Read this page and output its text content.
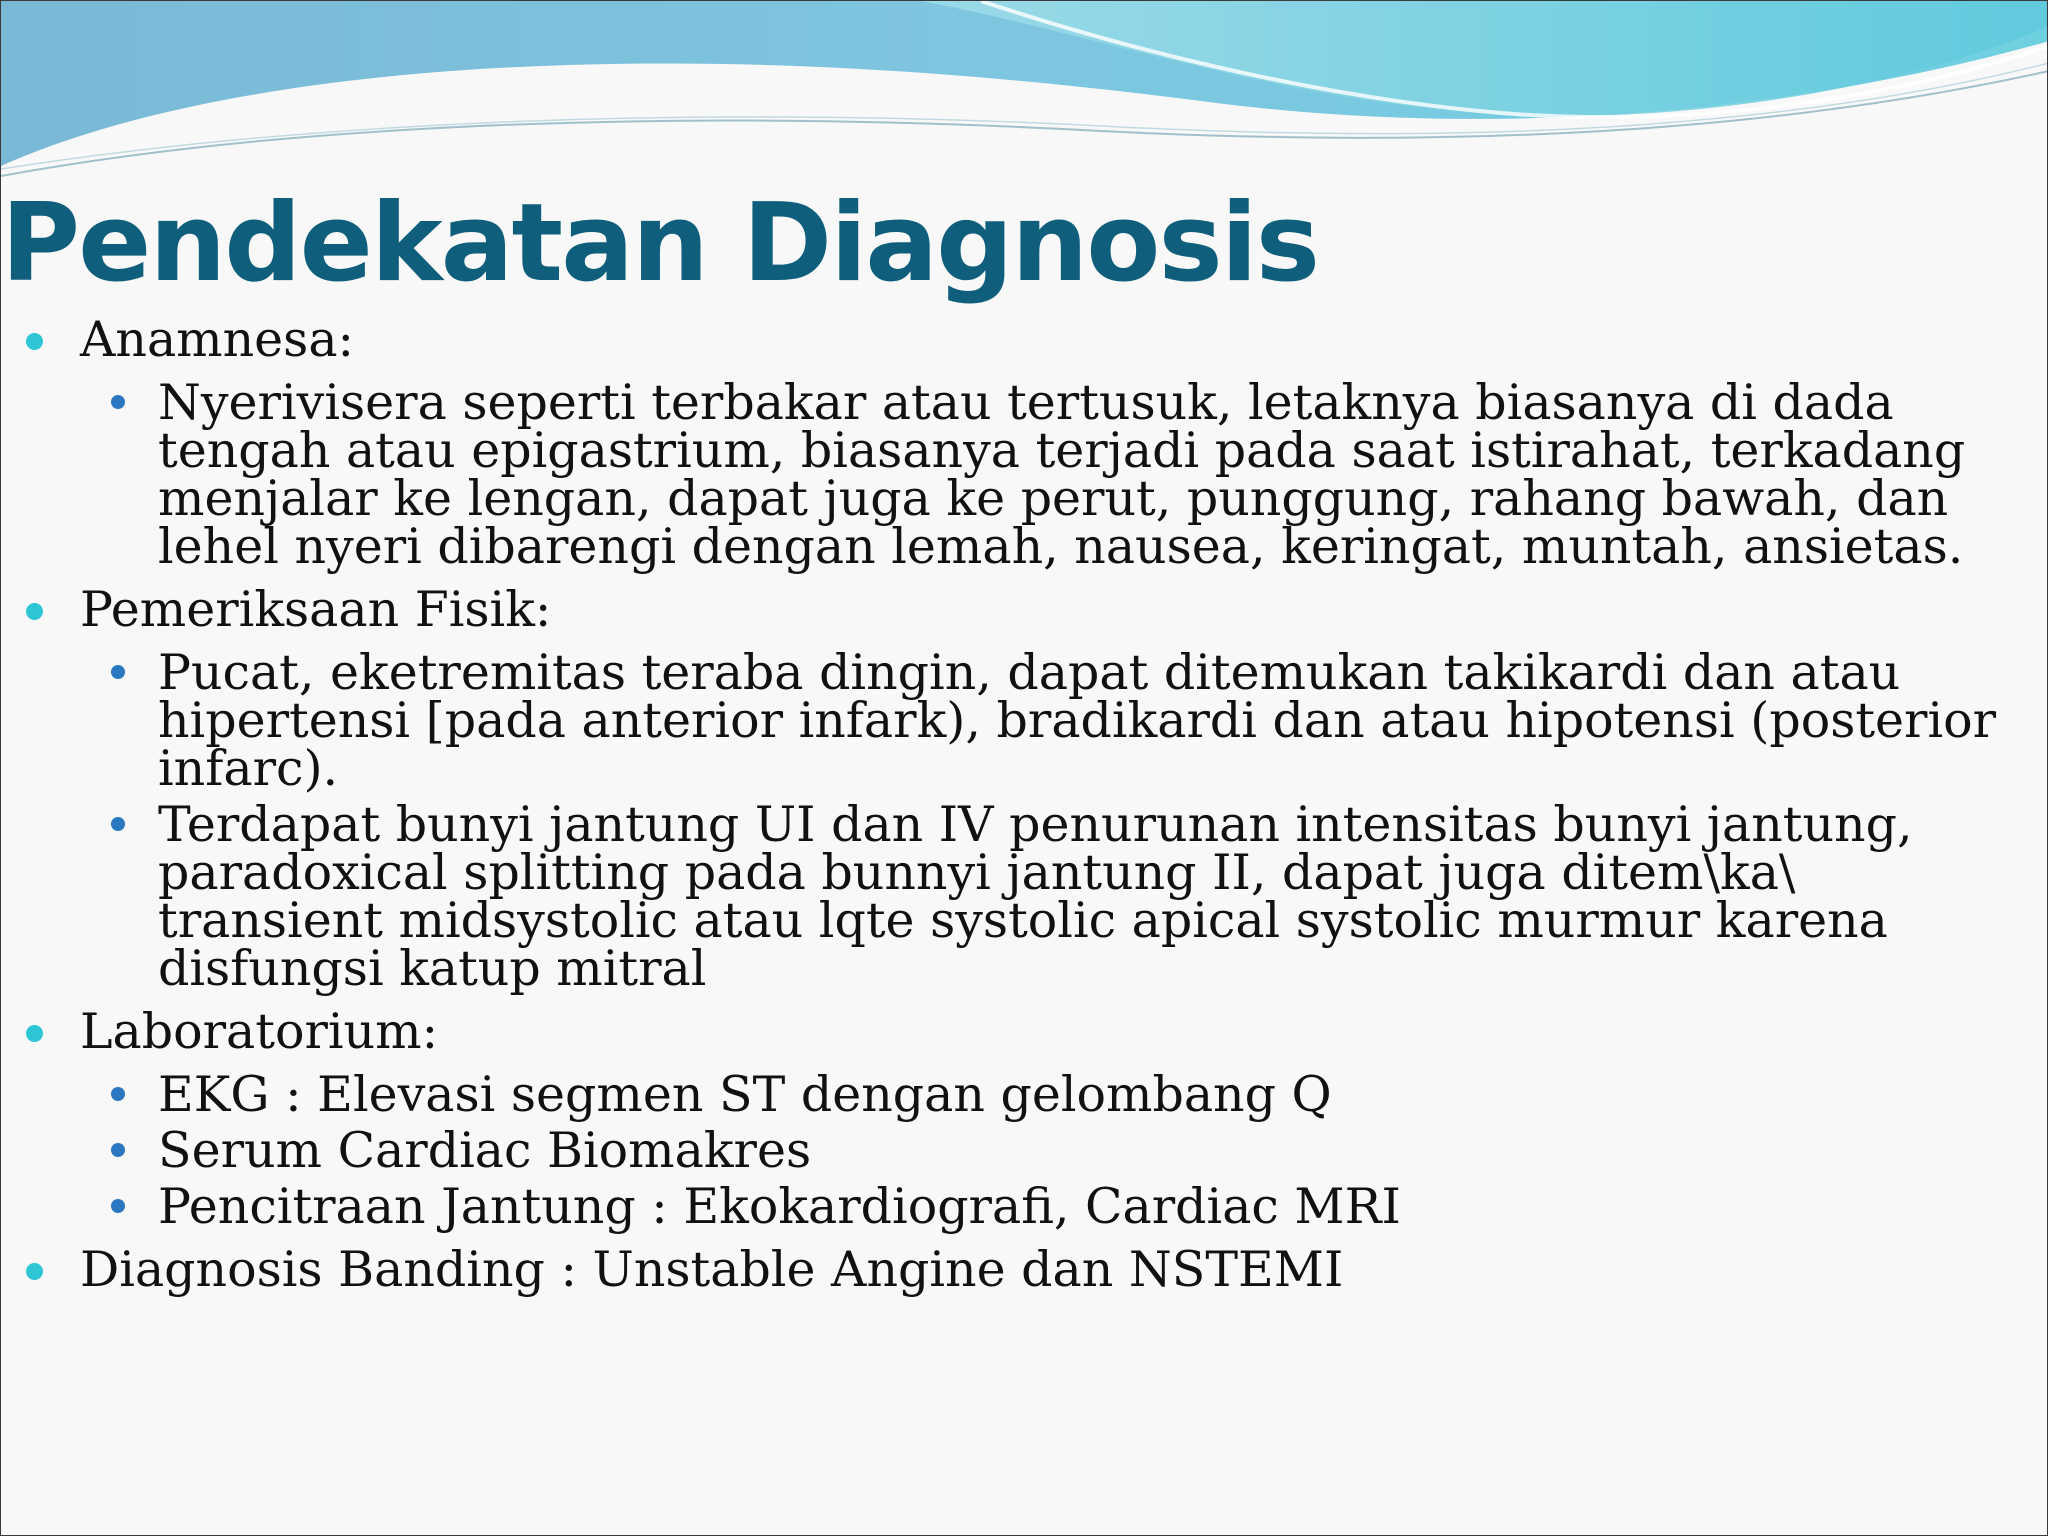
Pendekatan Diagnosis
Anamnesa:
Nyerivisera seperti terbakar atau tertusuk, letaknya biasanya di dada tengah atau epigastrium, biasanya terjadi pada saat istirahat, terkadang menjalar ke lengan, dapat juga ke perut, punggung, rahang bawah, dan lehel nyeri dibarengi dengan lemah, nausea, keringat, muntah, ansietas.
Pemeriksaan Fisik:
Pucat, eketremitas teraba dingin, dapat ditemukan takikardi dan atau hipertensi [pada anterior infark), bradikardi dan atau hipotensi (posterior infarc).
Terdapat bunyi jantung UI dan IV penurunan intensitas bunyi jantung, paradoxical splitting pada bunnyi jantung II, dapat juga ditem\ka\ transient midsystolic atau lqte systolic apical systolic murmur karena disfungsi katup mitral
Laboratorium:
EKG : Elevasi segmen ST dengan gelombang Q
Serum Cardiac Biomakres
Pencitraan Jantung : Ekokardiografi, Cardiac MRI
Diagnosis Banding : Unstable Angine dan NSTEMI
